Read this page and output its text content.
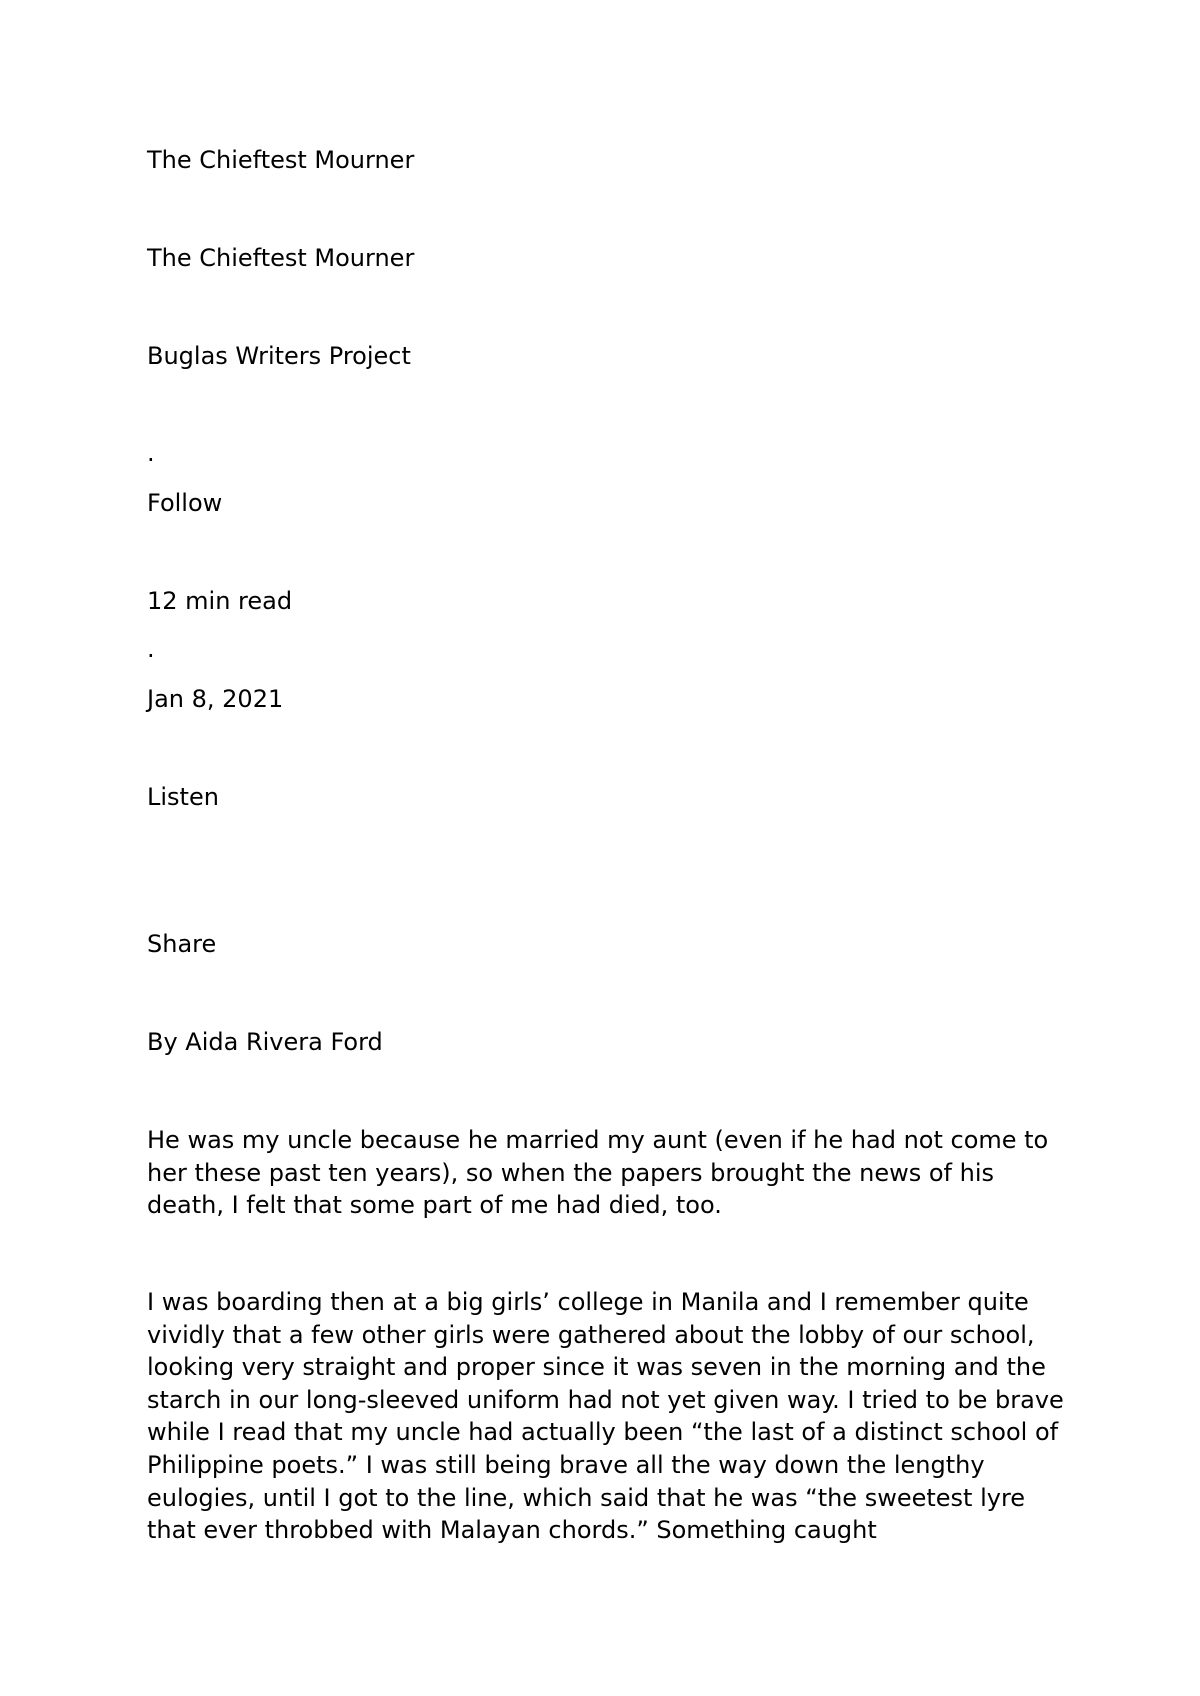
The Chieftest Mourner
The Chieftest Mourner
Buglas Writers Project
.
Follow
12 min read
.
Jan 8, 2021
Listen
Share
By Aida Rivera Ford

He was my uncle because he married my aunt (even if he had not come to her these past ten years), so when the papers brought the news of his death, I felt that some part of me had died, too.

I was boarding then at a big girls’ college in Manila and I remember quite vividly that a few other girls were gathered about the lobby of our school, looking very straight and proper since it was seven in the morning and the starch in our long-sleeved uniform had not yet given way. I tried to be brave while I read that my uncle had actually been “the last of a distinct school of Philippine poets.” I was still being brave all the way down the lengthy eulogies, until I got to the line, which said that he was “the sweetest lyre that ever throbbed with Malayan chords.” Something caught
